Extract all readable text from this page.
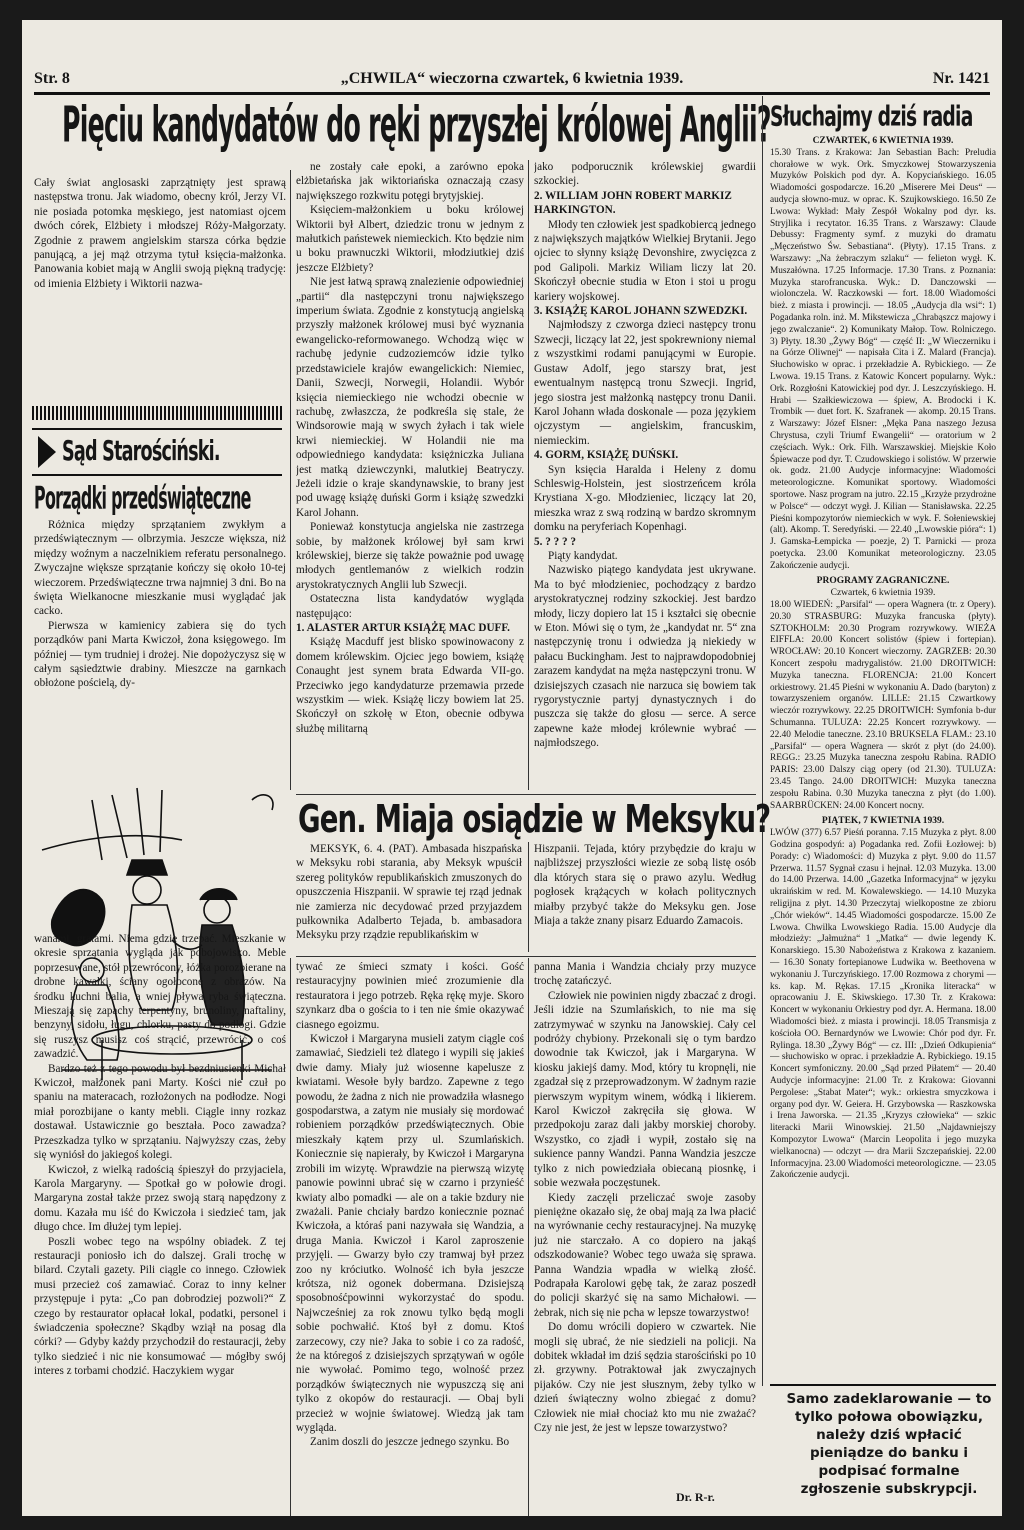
Str. 8	„CHWILA“ wieczorna czwartek, 6 kwietnia 1939.	Nr. 1421
Pięciu kandydatów do ręki przyszłej królowej Anglii? Słuchajmy dziś radia

Cały świat anglosaski zaprzątnięty jest sprawą następstwa tronu. Jak wiadomo, obecny król, Jerzy VI. nie posiada potomka męskiego, jest natomiast ojcem dwóch córek, Elżbiety i młodszej Róży-Małgorzaty. Zgodnie z prawem angielskim starsza córka będzie panującą, a jej mąż otrzyma tytuł księcia-małżonka. Panowania kobiet mają w Anglii swoją piękną tradycję: od imienia Elżbiety i Wiktorii nazwa-

ne zostały całe epoki, a zarówno epoka elżbietańska jak wiktoriańska oznaczają czasy największego rozkwitu potęgi brytyjskiej.

Księciem-małżonkiem u boku królowej Wiktorii był Albert, dziedzic tronu w jednym z małutkich państewek niemieckich. Kto będzie nim u boku prawnuczki Wiktorii, młodziutkiej dziś jeszcze Elżbiety?

Nie jest łatwą sprawą znalezienie odpowiedniej „partii“ dla następczyni tronu największego imperium świata. Zgodnie z konstytucją angielską przyszły małżonek królowej musi być wyznania ewangelicko-reformowanego. Wchodzą więc w rachubę jedynie cudzoziemców idzie tylko przedstawiciele krajów ewangelickich: Niemiec, Danii, Szwecji, Norwegii, Holandii. Wybór księcia niemieckiego nie wchodzi obecnie w rachubę, zwłaszcza, że podkreśla się stale, że Windsorowie mają w swych żyłach i tak wiele krwi niemieckiej. W Holandii nie ma odpowiedniego kandydata: księżniczka Juliana jest matką dziewczynki, malutkiej Beatryczy. Jeżeli idzie o kraje skandynawskie, to brany jest pod uwagę książę duński Gorm i książę szwedzki Karol Johann.

Ponieważ konstytucja angielska nie zastrzega sobie, by małżonek królowej był sam krwi królewskiej, bierze się także poważnie pod uwagę młodych gentlemanów z wielkich rodzin arystokratycznych Anglii lub Szwecji.

Ostateczna lista kandydatów wygląda następująco:

1. ALASTER ARTUR KSIĄŻĘ MAC DUFF.

Książę Macduff jest blisko spowinowacony z domem królewskim. Ojciec jego bowiem, książę Conaught jest synem brata Edwarda VII-go. Przeciwko jego kandydaturze przemawia przede wszystkim — wiek. Książę liczy bowiem lat 25. Skończył on szkołę w Eton, obecnie odbywa służbę militarną

jako podporucznik królewskiej gwardii szkockiej.

2. WILLIAM JOHN ROBERT MARKIZ HARKINGTON.

Młody ten człowiek jest spadkobiercą jednego z największych majątków Wielkiej Brytanii. Jego ojciec to słynny książę Devonshire, zwycięzca z pod Galipoli. Markiz Wiliam liczy lat 20. Skończył obecnie studia w Eton i stoi u progu kariery wojskowej.

3. KSIĄŻĘ KAROL JOHANN SZWEDZKI.

Najmłodszy z czworga dzieci następcy tronu Szwecji, liczący lat 22, jest spokrewniony niemal z wszystkimi rodami panującymi w Europie. Gustaw Adolf, jego starszy brat, jest ewentualnym następcą tronu Szwecji. Ingrid, jego siostra jest małżonką następcy tronu Danii. Karol Johann włada doskonale — poza językiem ojczystym — angielskim, francuskim, niemieckim.

4. GORM, KSIĄŻĘ DUŃSKI.

Syn księcia Haralda i Heleny z domu Schleswig-Holstein, jest siostrzeńcem króla Krystiana X-go. Młodzieniec, liczący lat 20, mieszka wraz z swą rodziną w bardzo skromnym domku na peryferiach Kopenhagi.

5. ? ? ? ?

Piąty kandydat.

Nazwisko piątego kandydata jest ukrywane. Ma to być młodzieniec, pochodzący z bardzo arystokratycznej rodziny szkockiej. Jest bardzo młody, liczy dopiero lat 15 i kształci się obecnie w Eton. Mówi się o tym, że „kandydat nr. 5“ zna następczynię tronu i odwiedza ją niekiedy w pałacu Buckingham. Jest to najprawdopodobniej zarazem kandydat na męża następczyni tronu. W dzisiejszych czasach nie narzuca się bowiem tak rygorystycznie partyj dynastycznych i do puszcza się także do głosu — serce. A serce zapewne każe młodej królewnie wybrać — najmłodszego.

Sąd Starościński.
Porządki przedświąteczne

Różnica między sprzątaniem zwykłym a przedświątecznym — olbrzymia. Jeszcze większa, niż między woźnym a naczelnikiem referatu personalnego. Zwyczajne większe sprzątanie kończy się około 10-tej wieczorem. Przedświąteczne trwa najmniej 3 dni. Bo na święta Wielkanocne mieszkanie musi wyglądać jak cacko.

Pierwsza w kamienicy zabiera się do tych porządków pani Marta Kwiczoł, żona księgowego. Im później — tym trudniej i drożej. Nie dopożyczysz się w całym sąsiedztwie drabiny. Mieszcze na garnkach obłożone pościelą, dy-

wanami, gratami. Niema gdzie trzepać. Mieszkanie w okresie sprzątania wygląda jak pobojowisko. Meble poprzesuwane, stół przewrócony, łóżka porozbierane na drobne kawałki, ściany ogołocone z obrazów. Na środku kuchni balia, a wniej pływa ryba świąteczna. Mieszają się zapachy terpentyny, brunoliny, naftaliny, benzyny, sidołu, ługu, chlorku, pasty do podłogi. Gdzie się ruszysz musisz coś strącić, przewrócić, o coś zawadzić.

Bardzo też z tego powodu był bezdniusienki Michał Kwiczoł, małżonek pani Marty. Kości nie czuł po spaniu na materacach, rozłożonych na podłodze. Nogi miał porozbijane o kanty mebli. Ciągle inny rozkaz dostawał. Ustawicznie go beształa. Poco zawadza? Przeszkadza tylko w sprzątaniu. Najwyższy czas, żeby się wyniósł do jakiegoś kolegi.

Kwiczoł, z wielką radością śpieszył do przyjaciela, Karola Margaryny. — Spotkał go w połowie drogi. Margaryna został także przez swoją starą napędzony z domu. Kazała mu iść do Kwiczoła i siedzieć tam, jak długo chce. Im dłużej tym lepiej.

Poszli wobec tego na wspólny obiadek. Z tej restauracji poniosło ich do dalszej. Grali trochę w bilard. Czytali gazety. Pili ciągle co innego. Człowiek musi przecież coś zamawiać. Coraz to inny kelner przystępuje i pyta: „Co pan dobrodziej pozwoli?“ Z czego by restaurator opłacał lokal, podatki, personel i świadczenia społeczne? Skądby wziął na posag dla córki? — Gdyby każdy przychodził do restauracji, żeby tylko siedzieć i nic nie konsumować — mógłby swój interes z torbami chodzić. Haczykiem wygar

Gen. Miaja osiądzie w Meksyku?

MEKSYK, 6. 4. (PAT). Ambasada hiszpańska w Meksyku robi starania, aby Meksyk wpuścił szereg polityków republikańskich zmuszonych do opuszczenia Hiszpanii. W sprawie tej rząd jednak nie zamierza nic decydować przed przyjazdem pułkownika Adalberto Tejada, b. ambasadora Meksyku przy rządzie republikańskim w

Hiszpanii. Tejada, który przybędzie do kraju w najbliższej przyszłości wiezie ze sobą listę osób dla których stara się o prawo azylu. Według pogłosek krążących w kołach politycznych miałby przybyć także do Meksyku gen. Jose Miaja a także znany pisarz Eduardo Zamacois.

tywać ze śmieci szmaty i kości. Gość restauracyjny powinien mieć zrozumienie dla restauratora i jego potrzeb. Ręka rękę myje. Skoro szynkarz dba o gościa to i ten nie śmie okazywać ciasnego egoizmu.

Kwiczoł i Margaryna musieli zatym ciągle coś zamawiać, Siedzieli też dlatego i wypili się jakieś dwie damy. Miały już wiosenne kapelusze z kwiatami. Wesołe były bardzo. Zapewne z tego powodu, że żadna z nich nie prowadziła własnego gospodarstwa, a zatym nie musiały się mordować robieniem porządków przedświątecznych. Obie mieszkały kątem przy ul. Szumlańskich. Koniecznie się napierały, by Kwiczoł i Margaryna zrobili im wizytę. Wprawdzie na pierwszą wizytę panowie powinni ubrać się w czarno i przynieść kwiaty albo pomadki — ale on a takie bzdury nie zważali. Panie chciały bardzo koniecznie poznać Kwiczoła, a któraś pani nazywała się Wandzia, a druga Mania. Kwiczoł i Karol zaproszenie przyjęli. — Gwarzy było czy tramwaj był przez zoo ny króciutko. Wolność ich była jeszcze krótsza, niż ogonek dobermana. Dzisiejszą sposobnośćpowinni wykorzystać do spodu. Najwcześniej za rok znowu tylko będą mogli sobie pochwałić. Ktoś był z domu. Ktoś zarzecowy, czy nie? Jaka to sobie i co za radość, że na któregoś z dzisiejszych sprzątywań w ogóle nie wywołać. Pomimo tego, wolność przez porządków świątecznych nie wypuszczą się ani tylko z okopów do restauracji. — Obaj byli przecież w wojnie światowej. Wiedzą jak tam wygląda.

Zanim doszli do jeszcze jednego szynku. Bo

panna Mania i Wandzia chciały przy muzyce trochę zatańczyć.

Człowiek nie powinien nigdy zbaczać z drogi. Jeśli idzie na Szumlańskich, to nie ma się zatrzymywać w szynku na Janowskiej. Cały cel podróży chybiony. Przekonali się o tym bardzo dowodnie tak Kwiczoł, jak i Margaryna. W kiosku jakiejś damy. Mod, który tu kropnęli, nie zgadzał się z przeprowadzonym. W żadnym razie pierwszym wypitym winem, wódką i likierem. Karol Kwiczoł zakręciła się głowa. W przedpokoju zaraz dali jakby morskiej choroby. Wszystko, co zjadł i wypił, zostało się na sukience panny Wandzi. Panna Wandzia jeszcze tylko z nich powiedziała obiecaną piosnkę, i sobie wezwała poczęstunek.

Kiedy zaczęli przeliczać swoje zasoby pieniężne okazało się, że obaj mają za lwa płacić na wyrównanie cechy restauracyjnej. Na muzykę już nie starczało. A co dopiero na jakąś odszkodowanie? Wobec tego uważa się sprawa. Panna Wandzia wpadła w wielką złość. Podrapała Karolowi gębę tak, że zaraz poszedł do policji skarżyć się na samo Michałowi. — żebrak, nich się nie pcha w lepsze towarzystwo!

Do domu wrócili dopiero w czwartek. Nie mogli się ubrać, że nie siedzieli na policji. Na dobitek wkładał im dziś sędzia starościński po 10 zł. grzywny. Potraktował jak zwyczajnych pijaków. Czy nie jest słusznym, żeby tylko w dzień świąteczny wolno zbiegać z domu? Człowiek nie miał chociaż kto mu nie zważać? Czy nie jest, że jest w lepsze towarzystwo?

Dr. R-r.

CZWARTEK, 6 KWIETNIA 1939.

15.30 Trans. z Krakowa: Jan Sebastian Bach: Preludia chorałowe w wyk. Ork. Smyczkowej Stowarzyszenia Muzyków Polskich pod dyr. A. Kopyciańskiego. 16.05 Wiadomości gospodarcze. 16.20 „Miserere Mei Deus“ — audycja słowno-muz. w oprac. K. Szujkowskiego. 16.50 Ze Lwowa: Wykład: Mały Zespół Wokalny pod dyr. ks. Stryjlika i recytator. 16.35 Trans. z Warszawy: Claude Debussy: Fragmenty symf. z muzyki do dramatu „Męczeństwo Św. Sebastiana“. (Płyty). 17.15 Trans. z Warszawy: „Na żebraczym szlaku“ — felieton wygł. K. Muszałówna. 17.25 Informacje. 17.30 Trans. z Poznania: Muzyka starofrancuska. Wyk.: D. Danczowski — wiolonczela. W. Raczkowski — fort. 18.00 Wiadomości bież. z miasta i prowincji. — 18.05 „Audycja dla wsi“: 1) Pogadanka roln. inż. M. Mikstewicza „Chrabąszcz majowy i jego zwalczanie“. 2) Komunikaty Małop. Tow. Rolniczego. 3) Płyty. 18.30 „Żywy Bóg“ — część II: „W Wieczerniku i na Górze Oliwnej“ — napisała Cita i Z. Malard (Francja). Słuchowisko w oprac. i przekładzie A. Rybickiego. — Ze Lwowa. 19.15 Trans. z Katowic Koncert popularny. Wyk.: Ork. Rozgłośni Katowickiej pod dyr. J. Leszczyńskiego. H. Hrabi — Szałkiewiczowa — śpiew, A. Brodocki i K. Trombik — duet fort. K. Szafranek — akomp. 20.15 Trans. z Warszawy: Józef Elsner: „Męka Pana naszego Jezusa Chrystusa, czyli Triumf Ewangelii“ — oratorium w 2 częściach. Wyk.: Ork. Filh. Warszawskiej. Miejskie Koło Śpiewacze pod dyr. T. Czudowskiego i solistów. W przerwie ok. godz. 21.00 Audycje informacyjne: Wiadomości meteorologiczne. Komunikat sportowy. Wiadomości sportowe. Nasz program na jutro. 22.15 „Krzyże przydrożne w Polsce“ — odczyt wygł. J. Kilian — Stanisławska. 22.25 Pieśni kompozytorów niemieckich w wyk. F. Sołeniewskiej (alt). Akomp. T. Seredyński. — 22.40 „Lwowskie pióra“: 1) J. Gamska-Łempicka — poezje, 2) T. Parnicki — proza poetycka. 23.00 Komunikat meteorologiczny. 23.05 Zakończenie audycji.

PROGRAMY ZAGRANICZNE.

Czwartek, 6 kwietnia 1939.

18.00 WIEDEŃ: „Parsifal“ — opera Wagnera (tr. z Opery). 20.30 STRASBURG: Muzyka francuska (płyty). SZTOKHOLM: 20.30 Program rozrywkowy. WIEŻA EIFFLA: 20.00 Koncert solistów (śpiew i fortepian). WROCŁAW: 20.10 Koncert wieczorny. ZAGRZEB: 20.30 Koncert zespołu madrygalistów. 21.00 DROITWICH: Muzyka taneczna. FLORENCJA: 21.00 Koncert orkiestrowy. 21.45 Pieśni w wykonaniu A. Dado (baryton) z towarzyszeniem organów. LILLE: 21.15 Czwartkowy wieczór rozrywkowy. 22.25 DROITWICH: Symfonia b-dur Schumanna. TULUZA: 22.25 Koncert rozrywkowy. — 22.40 Melodie taneczne. 23.10 BRUKSELA FLAM.: 23.10 „Parsifal“ — opera Wagnera — skrót z płyt (do 24.00). REGG.: 23.25 Muzyka taneczna zespołu Rabina. RADIO PARIS: 23.00 Dalszy ciąg opery (od 21.30). TULUZA: 23.45 Tango. 24.00 DROITWICH: Muzyka taneczna zespołu Rabina. 0.30 Muzyka taneczna z płyt (do 1.00). SAARBRÜCKEN: 24.00 Koncert nocny.

PIĄTEK, 7 KWIETNIA 1939.

LWÓW (377) 6.57 Pieśń poranna. 7.15 Muzyka z płyt. 8.00 Godzina gospodyń: a) Pogadanka red. Zofii Łozłowej: b) Porady: c) Wiadomości: d) Muzyka z płyt. 9.00 do 11.57 Przerwa. 11.57 Sygnał czasu i hejnał. 12.03 Muzyka. 13.00 do 14.00 Przerwa. 14.00 „Gazetka Informacyjna“ w języku ukraińskim w red. M. Kowalewskiego. — 14.10 Muzyka religijna z płyt. 14.30 Przeczytaj wielkopostne ze zbioru „Chór wieków“. 14.45 Wiadomości gospodarcze. 15.00 Ze Lwowa. Chwilka Lwowskiego Radia. 15.00 Audycje dla młodzieży: „Jałmużna“ 1 „Matka“ — dwie legendy K. Konarskiego. 15.30 Nabożeństwa z Krakowa z kazaniem. — 16.30 Sonaty fortepianowe Ludwika w. Beethovena w wykonaniu J. Turczyńskiego. 17.00 Rozmowa z chorymi — ks. kap. M. Rękas. 17.15 „Kronika literacka“ w opracowaniu J. E. Skiwskiego. 17.30 Tr. z Krakowa: Koncert w wykonaniu Orkiestry pod dyr. A. Hermana. 18.00 Wiadomości bież. z miasta i prowincji. 18.05 Transmisja z kościoła OO. Bernardynów we Lwowie: Chór pod dyr. Fr. Rylinga. 18.30 „Żywy Bóg“ — cz. III: „Dzień Odkupienia“ — słuchowisko w oprac. i przekładzie A. Rybickiego. 19.15 Koncert symfoniczny. 20.00 „Sąd przed Piłatem“ — 20.40 Audycje informacyjne: 21.00 Tr. z Krakowa: Giovanni Pergolese: „Stabat Mater“; wyk.: orkiestra smyczkowa i organy pod dyr. W. Geiera. H. Grzybowska — Raszkowska i Irena Jaworska. — 21.35 „Kryzys człowieka“ — szkic literacki Marii Winowskiej. 21.50 „Najdawniejszy Kompozytor Lwowa“ (Marcin Leopolita i jego muzyka wielkanocna) — odczyt — dra Marii Szczepańskiej. 22.00 Informacyjna. 23.00 Wiadomości meteorologiczne. — 23.05 Zakończenie audycji.

Samo zadeklarowanie — to tylko połowa obowiązku, należy dziś wpłacić pieniądze do banku i podpisać formalne zgłoszenie subskrypcji.
